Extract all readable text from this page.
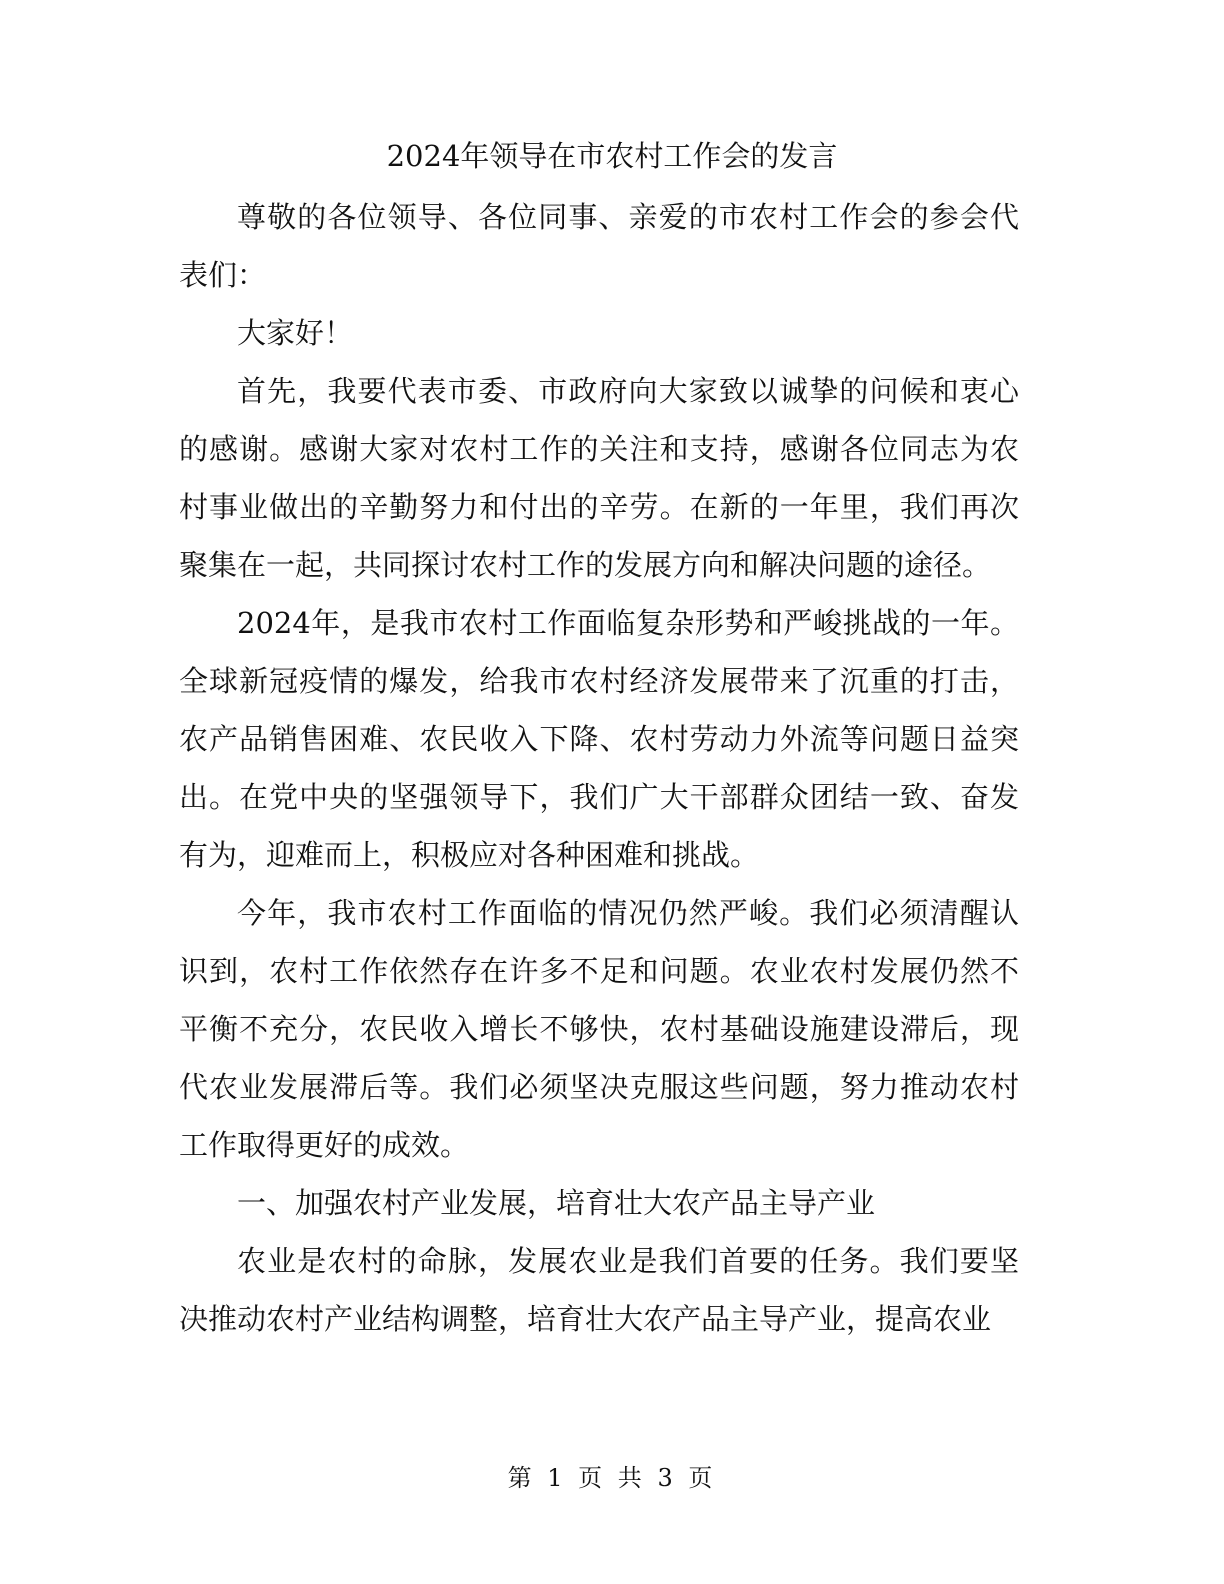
2024年领导在市农村工作会的发言

尊敬的各位领导、各位同事、亲爱的市农村工作会的参会代表们：

大家好！

首先，我要代表市委、市政府向大家致以诚挚的问候和衷心的感谢。感谢大家对农村工作的关注和支持，感谢各位同志为农村事业做出的辛勤努力和付出的辛劳。在新的一年里，我们再次聚集在一起，共同探讨农村工作的发展方向和解决问题的途径。

2024年，是我市农村工作面临复杂形势和严峻挑战的一年。全球新冠疫情的爆发，给我市农村经济发展带来了沉重的打击，农产品销售困难、农民收入下降、农村劳动力外流等问题日益突出。在党中央的坚强领导下，我们广大干部群众团结一致、奋发有为，迎难而上，积极应对各种困难和挑战。

今年，我市农村工作面临的情况仍然严峻。我们必须清醒认识到，农村工作依然存在许多不足和问题。农业农村发展仍然不平衡不充分，农民收入增长不够快，农村基础设施建设滞后，现代农业发展滞后等。我们必须坚决克服这些问题，努力推动农村工作取得更好的成效。

一、加强农村产业发展，培育壮大农产品主导产业

农业是农村的命脉，发展农业是我们首要的任务。我们要坚决推动农村产业结构调整，培育壮大农产品主导产业，提高农业

第 1 页 共 3 页
